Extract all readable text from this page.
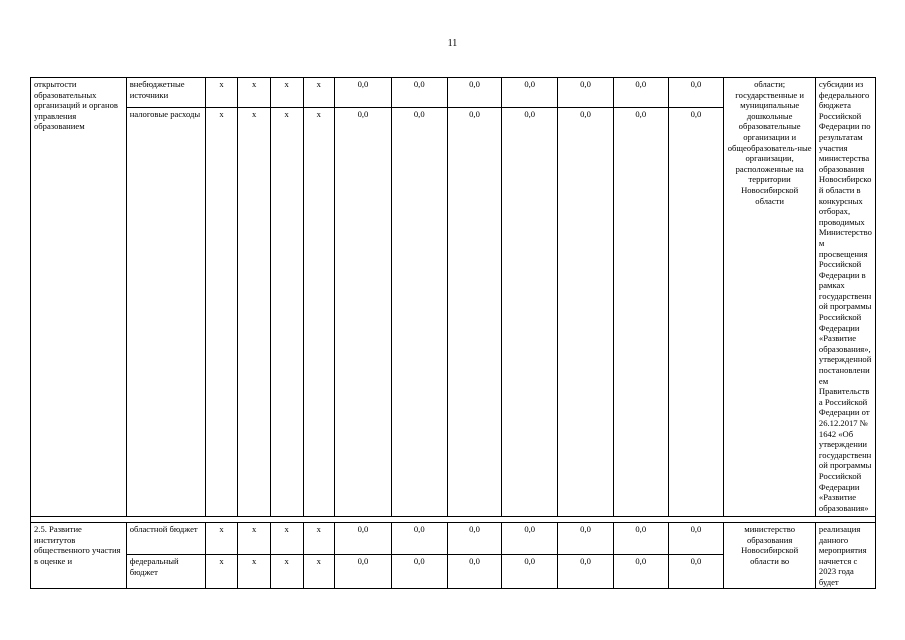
11
открытости образовательных организаций и органов управления образованием	внебюджетные источники	х	х	х	х	0,0	0,0	0,0	0,0	0,0	0,0	0,0	области; государственные и муниципальные дошкольные образовательные организации и общеобразователь-ные организации, расположенные на территории Новосибирской области	субсидии из федерального бюджета Российской Федерации по результатам участия министерства образования Новосибирской области в конкурсных отборах, проводимых Министерством просвещения Российской Федерации в рамках государственной программы Российской Федерации «Развитие образования», утвержденной постановлением Правительства Российской Федерации от 26.12.2017 № 1642 «Об утверждении государственной программы Российской Федерации «Развитие образования»
	налоговые расходы	х	х	х	х	0,0	0,0	0,0	0,0	0,0	0,0	0,0		

2.5. Развитие институтов общественного участия в оценке и	областной бюджет	х	х	х	х	0,0	0,0	0,0	0,0	0,0	0,0	0,0	министерство образования Новосибирской области во	реализация данного мероприятия начнется с 2023 года будет
	федеральный бюджет	х	х	х	х	0,0	0,0	0,0	0,0	0,0	0,0	0,0		
